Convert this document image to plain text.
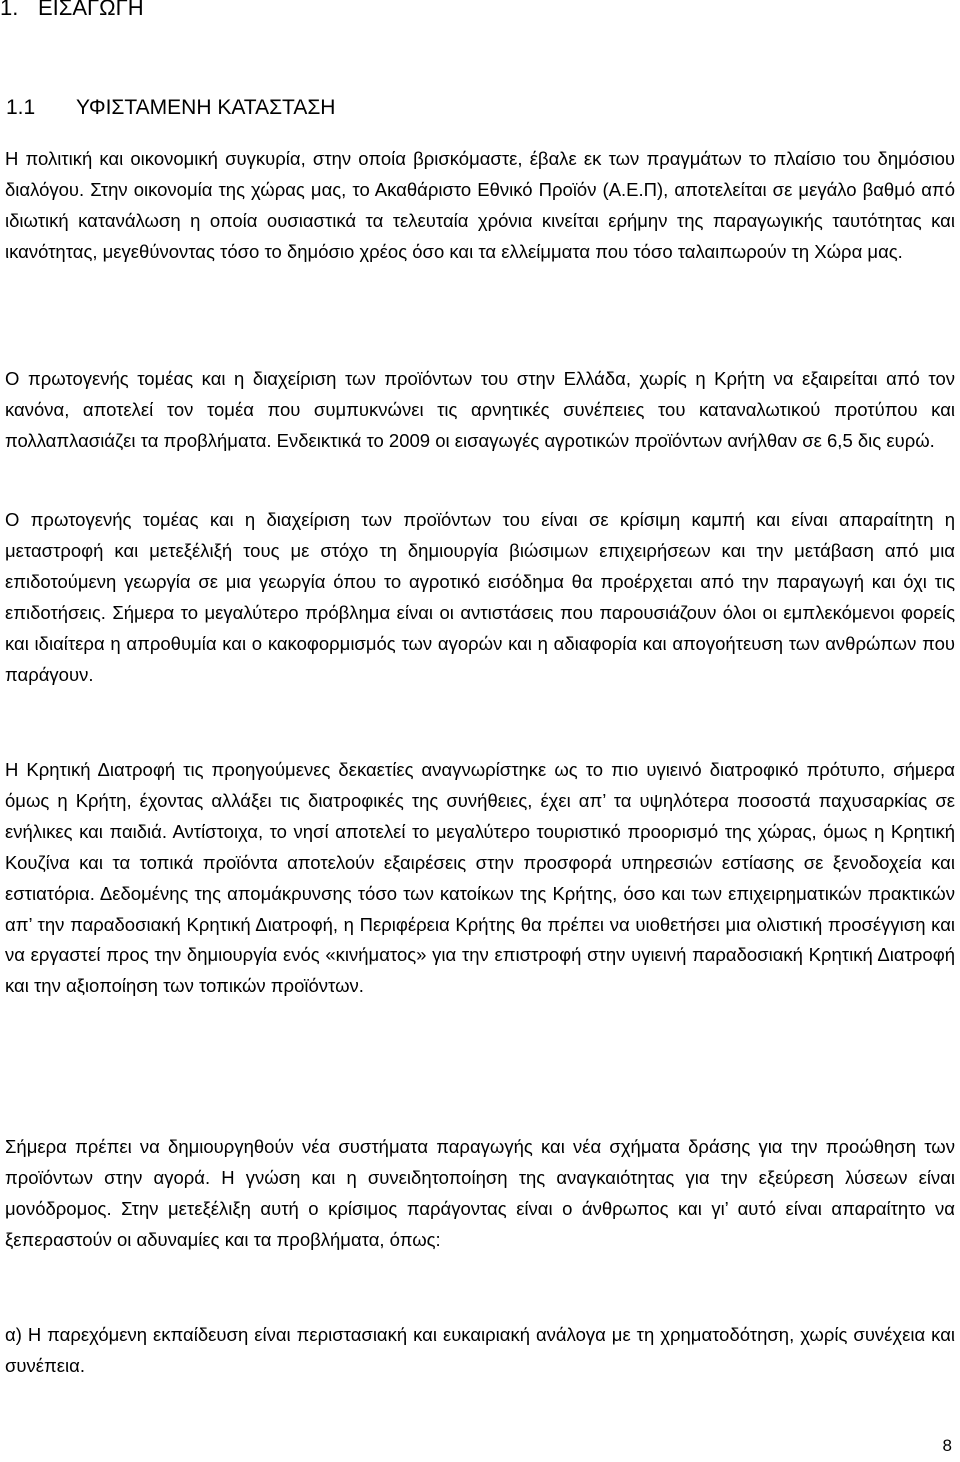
1. ΕΙΣΑΓΩΓΗ
1.1 ΥΦΙΣΤΑΜΕΝΗ ΚΑΤΑΣΤΑΣΗ

Η πολιτική και οικονομική συγκυρία, στην οποία βρισκόμαστε, έβαλε εκ των πραγμάτων το πλαίσιο του δημόσιου διαλόγου. Στην οικονομία της χώρας μας, το Ακαθάριστο Εθνικό Προϊόν (Α.Ε.Π), αποτελείται σε μεγάλο βαθμό από ιδιωτική κατανάλωση η οποία ουσιαστικά τα τελευταία χρόνια κινείται ερήμην της παραγωγικής ταυτότητας και ικανότητας, μεγεθύνοντας τόσο το δημόσιο χρέος όσο και τα ελλείμματα που τόσο ταλαιπωρούν τη Χώρα μας.

Ο πρωτογενής τομέας και η διαχείριση των προϊόντων του στην Ελλάδα, χωρίς η Κρήτη να εξαιρείται από τον κανόνα, αποτελεί τον τομέα που συμπυκνώνει τις αρνητικές συνέπειες του καταναλωτικού προτύπου και πολλαπλασιάζει τα προβλήματα. Ενδεικτικά το 2009 οι εισαγωγές αγροτικών προϊόντων ανήλθαν σε 6,5 δις ευρώ.

Ο πρωτογενής τομέας και η διαχείριση των προϊόντων του είναι σε κρίσιμη καμπή και είναι απαραίτητη η μεταστροφή και μετεξέλιξή τους με στόχο τη δημιουργία βιώσιμων επιχειρήσεων και την μετάβαση από μια επιδοτούμενη γεωργία σε μια γεωργία όπου το αγροτικό εισόδημα θα προέρχεται από την παραγωγή και όχι τις επιδοτήσεις. Σήμερα το μεγαλύτερο πρόβλημα είναι οι αντιστάσεις που παρουσιάζουν όλοι οι εμπλεκόμενοι φορείς και ιδιαίτερα η απροθυμία και ο κακοφορμισμός των αγορών και η αδιαφορία και απογοήτευση των ανθρώπων που παράγουν.

Η Κρητική Διατροφή τις προηγούμενες δεκαετίες αναγνωρίστηκε ως το πιο υγιεινό διατροφικό πρότυπο, σήμερα όμως η Κρήτη, έχοντας αλλάξει τις διατροφικές της συνήθειες, έχει απ’ τα υψηλότερα ποσοστά παχυσαρκίας σε ενήλικες και παιδιά. Αντίστοιχα, το νησί αποτελεί το μεγαλύτερο τουριστικό προορισμό της χώρας, όμως η Κρητική Κουζίνα και τα τοπικά προϊόντα αποτελούν εξαιρέσεις στην προσφορά υπηρεσιών εστίασης σε ξενοδοχεία και εστιατόρια. Δεδομένης της απομάκρυνσης τόσο των κατοίκων της Κρήτης, όσο και των επιχειρηματικών πρακτικών απ’ την παραδοσιακή Κρητική Διατροφή, η Περιφέρεια Κρήτης θα πρέπει να υιοθετήσει μια ολιστική προσέγγιση και να εργαστεί προς την δημιουργία ενός «κινήματος» για την επιστροφή στην υγιεινή παραδοσιακή Κρητική Διατροφή και την αξιοποίηση των τοπικών προϊόντων.

Σήμερα πρέπει να δημιουργηθούν νέα συστήματα παραγωγής και νέα σχήματα δράσης για την προώθηση των προϊόντων στην αγορά. Η γνώση και η συνειδητοποίηση της αναγκαιότητας για την εξεύρεση λύσεων είναι μονόδρομος. Στην μετεξέλιξη αυτή ο κρίσιμος παράγοντας είναι ο άνθρωπος και γι’ αυτό είναι απαραίτητο να ξεπεραστούν οι αδυναμίες και τα προβλήματα, όπως:

α) Η παρεχόμενη εκπαίδευση είναι περιστασιακή και ευκαιριακή ανάλογα με τη χρηματοδότηση, χωρίς συνέχεια και συνέπεια.

8
